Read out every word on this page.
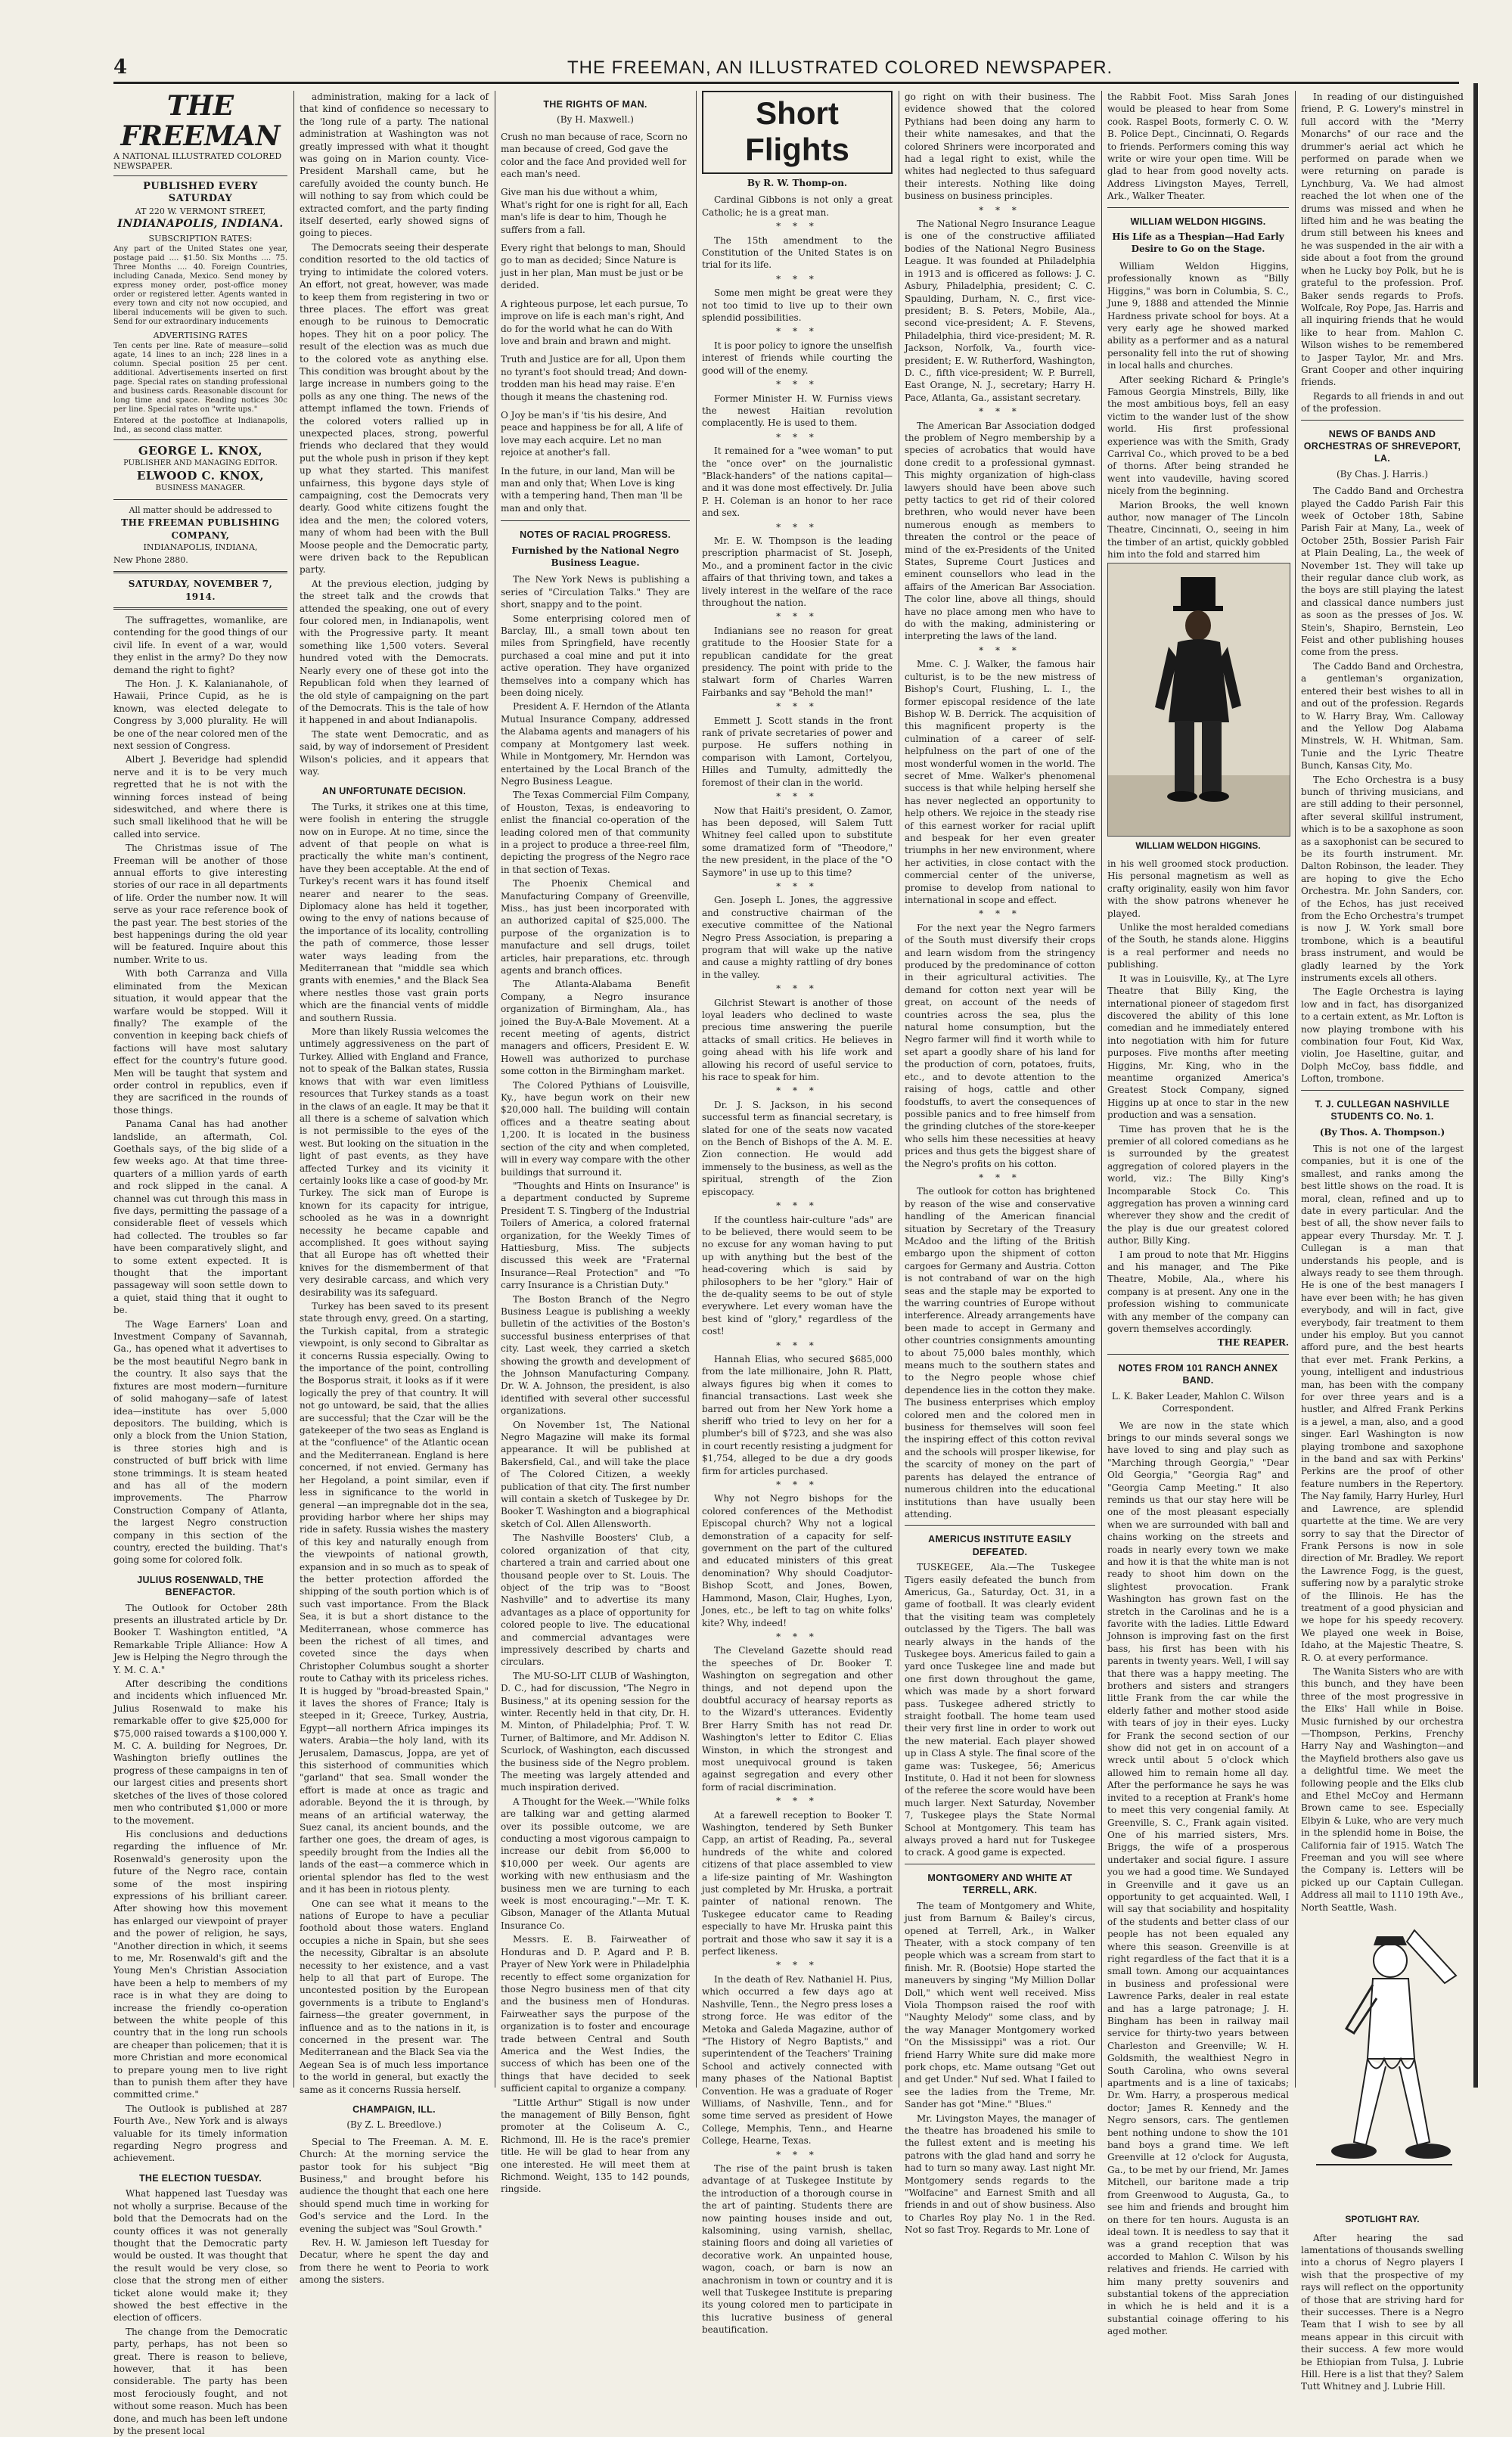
4	THE FREEMAN, AN ILLUSTRATED COLORED NEWSPAPER.
THE FREEMAN
A NATIONAL ILLUSTRATED COLORED NEWSPAPER.
PUBLISHED EVERY SATURDAY
AT 220 W. VERMONT STREET,
INDIANAPOLIS, INDIANA.
SUBSCRIPTION RATES:
Any part of the United States one year, postage paid .... $1.50. Six Months .... 75. Three Months .... 40. Foreign Countries, including Canada, Mexico. Send money by express money order, post-office money order or registered letter. Agents wanted in every town and city not now occupied, and liberal inducements will be given to such. Send for our extraordinary inducements
ADVERTISING RATES
Ten cents per line. Rate of measure—solid agate, 14 lines to an inch; 228 lines in a column. Special position 25 per cent. additional. Advertisements inserted on first page. Special rates on standing professional and business cards. Reasonable discount for long time and space. Reading notices 30c per line. Special rates on "write ups."
Entered at the postoffice at Indianapolis, Ind., as second class matter.
GEORGE L. KNOX,
PUBLISHER AND MANAGING EDITOR.
ELWOOD C. KNOX,
BUSINESS MANAGER.
All matter should be addressed to
THE FREEMAN PUBLISHING COMPANY,
INDIANAPOLIS, INDIANA,
New Phone 2880.
SATURDAY, NOVEMBER 7, 1914.

The suffragettes, womanlike, are contending for the good things of our civil life. In event of a war, would they enlist in the army? Do they now demand the right to fight?

The Hon. J. K. Kalanianahole, of Hawaii, Prince Cupid, as he is known, was elected delegate to Congress by 3,000 plurality. He will be one of the near colored men of the next session of Congress.

Albert J. Beveridge had splendid nerve and it is to be very much regretted that he is not with the winning forces instead of being sideswitched, and where there is such small likelihood that he will be called into service.

The Christmas issue of The Freeman will be another of those annual efforts to give interesting stories of our race in all departments of life. Order the number now. It will serve as your race reference book of the past year. The best stories of the best happenings during the old year will be featured. Inquire about this number. Write to us.

With both Carranza and Villa eliminated from the Mexican situation, it would appear that the warfare would be stopped. Will it finally? The example of the convention in keeping back chiefs of factions will have most salutary effect for the country's future good. Men will be taught that system and order control in republics, even if they are sacrificed in the rounds of those things.

Panama Canal has had another landslide, an aftermath, Col. Goethals says, of the big slide of a few weeks ago. At that time three-quarters of a million yards of earth and rock slipped in the canal. A channel was cut through this mass in five days, permitting the passage of a considerable fleet of vessels which had collected. The troubles so far have been comparatively slight, and to some extent expected. It is thought that the important passageway will soon settle down to a quiet, staid thing that it ought to be.

The Wage Earners' Loan and Investment Company of Savannah, Ga., has opened what it advertises to be the most beautiful Negro bank in the country. It also says that the fixtures are most modern—furniture of solid mahogany—safe of latest idea—institute has over 5,000 depositors. The building, which is only a block from the Union Station, is three stories high and is constructed of buff brick with lime stone trimmings. It is steam heated and has all of the modern improvements. The Pharrow Construction Company of Atlanta, the largest Negro construction company in this section of the country, erected the building. That's going some for colored folk.

JULIUS ROSENWALD, THE BENEFACTOR.

The Outlook for October 28th presents an illustrated article by Dr. Booker T. Washington entitled, "A Remarkable Triple Alliance: How A Jew is Helping the Negro through the Y. M. C. A."

After describing the conditions and incidents which influenced Mr. Julius Rosenwald to make his remarkable offer to give $25,000 for $75,000 raised towards a $100,000 Y. M. C. A. building for Negroes, Dr. Washington briefly outlines the progress of these campaigns in ten of our largest cities and presents short sketches of the lives of those colored men who contributed $1,000 or more to the movement.

His conclusions and deductions regarding the influence of Mr. Rosenwald's generosity upon the future of the Negro race, contain some of the most inspiring expressions of his brilliant career. After showing how this movement has enlarged our viewpoint of prayer and the power of religion, he says, "Another direction in which, it seems to me, Mr. Rosenwald's gift and the Young Men's Christian Association have been a help to members of my race is in what they are doing to increase the friendly co-operation between the white people of this country that in the long run schools are cheaper than policemen; that it is more Christian and more economical to prepare young men to live right than to punish them after they have committed crime."

The Outlook is published at 287 Fourth Ave., New York and is always valuable for its timely information regarding Negro progress and achievement.

THE ELECTION TUESDAY.

What happened last Tuesday was not wholly a surprise. Because of the bold that the Democrats had on the county offices it was not generally thought that the Democratic party would be ousted. It was thought that the result would be very close, so close that the strong men of either ticket alone would make it; they showed the best effective in the election of officers.

The change from the Democratic party, perhaps, has not been so great. There is reason to believe, however, that it has been considerable. The party has been most ferociously fought, and not without some reason. Much has been done, and much has been left undone by the present local

administration, making for a lack of that kind of confidence so necessary to the 'long rule of a party. The national administration at Washington was not greatly impressed with what it thought was going on in Marion county. Vice-President Marshall came, but he carefully avoided the county bunch. He will nothing to say from which could be extracted comfort, and the party finding itself deserted, early showed signs of going to pieces.

The Democrats seeing their desperate condition resorted to the old tactics of trying to intimidate the colored voters. An effort, not great, however, was made to keep them from registering in two or three places. The effort was great enough to be ruinous to Democratic hopes. They hit on a poor policy. The result of the election was as much due to the colored vote as anything else. This condition was brought about by the large increase in numbers going to the polls as any one thing. The news of the attempt inflamed the town. Friends of the colored voters rallied up in unexpected places, strong, powerful friends who declared that they would put the whole push in prison if they kept up what they started. This manifest unfairness, this bygone days style of campaigning, cost the Democrats very dearly. Good white citizens fought the idea and the men; the colored voters, many of whom had been with the Bull Moose people and the Democratic party, were driven back to the Republican party.

At the previous election, judging by the street talk and the crowds that attended the speaking, one out of every four colored men, in Indianapolis, went with the Progressive party. It meant something like 1,500 voters. Several hundred voted with the Democrats. Nearly every one of these got into the Republican fold when they learned of the old style of campaigning on the part of the Democrats. This is the tale of how it happened in and about Indianapolis.

The state went Democratic, and as said, by way of indorsement of President Wilson's policies, and it appears that way.

AN UNFORTUNATE DECISION.

The Turks, it strikes one at this time, were foolish in entering the struggle now on in Europe. At no time, since the advent of that people on what is practically the white man's continent, have they been acceptable. At the end of Turkey's recent wars it has found itself nearer and nearer to the seas. Diplomacy alone has held it together, owing to the envy of nations because of the importance of its locality, controlling the path of commerce, those lesser water ways leading from the Mediterranean that "middle sea which grants with enemies," and the Black Sea where nestles those vast grain ports which are the financial vents of middle and southern Russia.

More than likely Russia welcomes the untimely aggressiveness on the part of Turkey. Allied with England and France, not to speak of the Balkan states, Russia knows that with war even limitless resources that Turkey stands as a toast in the claws of an eagle. It may be that it all there is a scheme of salvation which is not permissible to the eyes of the west. But looking on the situation in the light of past events, as they have affected Turkey and its vicinity it certainly looks like a case of good-by Mr. Turkey. The sick man of Europe is known for its capacity for intrigue, schooled as he was in a downright necessity he became capable and accomplished. It goes without saying that all Europe has oft whetted their knives for the dismemberment of that very desirable carcass, and which very desirability was its safeguard.

Turkey has been saved to its present state through envy, greed. On a starting, the Turkish capital, from a strategic viewpoint, is only second to Gibraltar as it concerns Russia especially. Owing to the importance of the point, controlling the Bosporus strait, it looks as if it were logically the prey of that country. It will not go untoward, be said, that the allies are successful; that the Czar will be the gatekeeper of the two seas as England is at the "confluence" of the Atlantic ocean and the Mediterranean. England is here concerned, if not envied. Germany has her Hegoland, a point similar, even if less in significance to the world in general —an impregnable dot in the sea, providing harbor where her ships may ride in safety. Russia wishes the mastery of this key and naturally enough from the viewpoints of national growth, expansion and in so much as to speak of the better protection afforded the shipping of the south portion which is of such vast importance. From the Black Sea, it is but a short distance to the Mediterranean, whose commerce has been the richest of all times, and coveted since the days when Christopher Columbus sought a shorter route to Cathay with its priceless riches. It is hugged by "broad-breasted Spain," it laves the shores of France; Italy is steeped in it; Greece, Turkey, Austria, Egypt—all northern Africa impinges its waters. Arabia—the holy land, with its Jerusalem, Damascus, Joppa, are yet of this sisterhood of communities which "garland" that sea. Small wonder the effort is made at once as tragic and adorable. Beyond the it is through, by means of an artificial waterway, the Suez canal, its ancient bounds, and the farther one goes, the dream of ages, is speedily brought from the Indies all the lands of the east—a commerce which in oriental splendor has fled to the west and it has been in riotous plenty.

One can see what it means to the nations of Europe to have a peculiar foothold about those waters. England occupies a niche in Spain, but she sees the necessity, Gibraltar is an absolute necessity to her existence, and a vast help to all that part of Europe. The uncontested position by the European governments is a tribute to England's fairness—the greater government, in influence and as to the nations in it, is concerned in the present war. The Mediterranean and the Black Sea via the Aegean Sea is of much less importance to the world in general, but exactly the same as it concerns Russia herself.

CHAMPAIGN, ILL.
(By Z. L. Breedlove.)

Special to The Freeman. A. M. E. Church: At the morning service the pastor took for his subject "Big Business," and brought before his audience the thought that each one here should spend much time in working for God's service and the Lord. In the evening the subject was "Soul Growth."

Rev. H. W. Jamieson left Tuesday for Decatur, where he spent the day and from there he went to Peoria to work among the sisters.

THE RIGHTS OF MAN.
(By H. Maxwell.)

Crush no man because of race, Scorn no man because of creed, God gave the color and the face And provided well for each man's need.

Give man his due without a whim, What's right for one is right for all, Each man's life is dear to him, Though he suffers from a fall.

Every right that belongs to man, Should go to man as decided; Since Nature is just in her plan, Man must be just or be derided.

A righteous purpose, let each pursue, To improve on life is each man's right, And do for the world what he can do With love and brain and brawn and might.

Truth and Justice are for all, Upon them no tyrant's foot should tread; And down-trodden man his head may raise. E'en though it means the chastening rod.

O Joy be man's if 'tis his desire, And peace and happiness be for all, A life of love may each acquire. Let no man rejoice at another's fall.

In the future, in our land, Man will be man and only that; When Love is king with a tempering hand, Then man 'll be man and only that.

NOTES OF RACIAL PROGRESS.
Furnished by the National Negro Business League.

The New York News is publishing a series of "Circulation Talks." They are short, snappy and to the point.

Some enterprising colored men of Barclay, Ill., a small town about ten miles from Springfield, have recently purchased a coal mine and put it into active operation. They have organized themselves into a company which has been doing nicely.

President A. F. Herndon of the Atlanta Mutual Insurance Company, addressed the Alabama agents and managers of his company at Montgomery last week. While in Montgomery, Mr. Herndon was entertained by the Local Branch of the Negro Business League.

The Texas Commercial Film Company, of Houston, Texas, is endeavoring to enlist the financial co-operation of the leading colored men of that community in a project to produce a three-reel film, depicting the progress of the Negro race in that section of Texas.

The Phoenix Chemical and Manufacturing Company of Greenville, Miss., has just been incorporated with an authorized capital of $25,000. The purpose of the organization is to manufacture and sell drugs, toilet articles, hair preparations, etc. through agents and branch offices.

The Atlanta-Alabama Benefit Company, a Negro insurance organization of Birmingham, Ala., has joined the Buy-A-Bale Movement. At a recent meeting of agents, district managers and officers, President E. W. Howell was authorized to purchase some cotton in the Birmingham market.

The Colored Pythians of Louisville, Ky., have begun work on their new $20,000 hall. The building will contain offices and a theatre seating about 1,200. It is located in the business section of the city and when completed, will in every way compare with the other buildings that surround it.

"Thoughts and Hints on Insurance" is a department conducted by Supreme President T. S. Tingberg of the Industrial Toilers of America, a colored fraternal organization, for the Weekly Times of Hattiesburg, Miss. The subjects discussed this week are "Fraternal Insurance—Real Protection" and "To carry Insurance is a Christian Duty."

The Boston Branch of the Negro Business League is publishing a weekly bulletin of the activities of the Boston's successful business enterprises of that city. Last week, they carried a sketch showing the growth and development of the Johnson Manufacturing Company. Dr. W. A. Johnson, the president, is also identified with several other successful organizations.

On November 1st, The National Negro Magazine will make its formal appearance. It will be published at Bakersfield, Cal., and will take the place of The Colored Citizen, a weekly publication of that city. The first number will contain a sketch of Tuskegee by Dr. Booker T. Washington and a biographical sketch of Col. Allen Allensworth.

The Nashville Boosters' Club, a colored organization of that city, chartered a train and carried about one thousand people over to St. Louis. The object of the trip was to "Boost Nashville" and to advertise its many advantages as a place of opportunity for colored people to live. The educational and commercial advantages were impressively described by charts and circulars.

The MU-SO-LIT CLUB of Washington, D. C., had for discussion, "The Negro in Business," at its opening session for the winter. Recently held in that city, Dr. H. M. Minton, of Philadelphia; Prof. T. W. Turner, of Baltimore, and Mr. Addison N. Scurlock, of Washington, each discussed the business side of the Negro problem. The meeting was largely attended and much inspiration derived.

A Thought for the Week.—"While folks are talking war and getting alarmed over its possible outcome, we are conducting a most vigorous campaign to increase our debit from $6,000 to $10,000 per week. Our agents are working with new enthusiasm and the business men we are turning to each week is most encouraging."—Mr. T. K. Gibson, Manager of the Atlanta Mutual Insurance Co.

Messrs. E. B. Fairweather of Honduras and D. P. Agard and P. B. Prayer of New York were in Philadelphia recently to effect some organization for those Negro business men of that city and the business men of Honduras. Fairweather says the purpose of the organization is to foster and encourage trade between Central and South America and the West Indies, the success of which has been one of the things that have decided to seek sufficient capital to organize a company.

"Little Arthur" Stigall is now under the management of Billy Benson, fight promoter at the Coliseum A. C., Richmond, Ill. He is the race's premier title. He will be glad to hear from any one interested. He will meet them at Richmond. Weight, 135 to 142 pounds, ringside.

Short Flights
By R. W. Thomp-on.

Cardinal Gibbons is not only a great Catholic; he is a great man.

* * *

The 15th amendment to the Constitution of the United States is on trial for its life.

* * *

Some men might be great were they not too timid to live up to their own splendid possibilities.

* * *

It is poor policy to ignore the unselfish interest of friends while courting the good will of the enemy.

* * *

Former Minister H. W. Furniss views the newest Haitian revolution complacently. He is used to them.

* * *

It remained for a "wee woman" to put the "once over" on the journalistic "Black-handers" of the nations capital—and it was done most effectively. Dr. Julia P. H. Coleman is an honor to her race and sex.

* * *

Mr. E. W. Thompson is the leading prescription pharmacist of St. Joseph, Mo., and a prominent factor in the civic affairs of that thriving town, and takes a lively interest in the welfare of the race throughout the nation.

* * *

Indianians see no reason for great gratitude to the Hoosier State for a republican candidate for the great presidency. The point with pride to the stalwart form of Charles Warren Fairbanks and say "Behold the man!"

* * *

Emmett J. Scott stands in the front rank of private secretaries of power and purpose. He suffers nothing in comparison with Lamont, Cortelyou, Hilles and Tumulty, admittedly the foremost of their clan in the world.

* * *

Now that Haiti's president, O. Zamor, has been deposed, will Salem Tutt Whitney feel called upon to substitute some dramatized form of "Theodore," the new president, in the place of the "O Saymore" in use up to this time?

* * *

Gen. Joseph L. Jones, the aggressive and constructive chairman of the executive committee of the National Negro Press Association, is preparing a program that will wake up the native and cause a mighty rattling of dry bones in the valley.

* * *

Gilchrist Stewart is another of those loyal leaders who declined to waste precious time answering the puerile attacks of small critics. He believes in going ahead with his life work and allowing his record of useful service to his race to speak for him.

* * *

Dr. J. S. Jackson, in his second successful term as financial secretary, is slated for one of the seats now vacated on the Bench of Bishops of the A. M. E. Zion connection. He would add immensely to the business, as well as the spiritual, strength of the Zion episcopacy.

* * *

If the countless hair-culture "ads" are to be believed, there would seem to be no excuse for any woman having to put up with anything but the best of the head-covering which is said by philosophers to be her "glory." Hair of the de-quality seems to be out of style everywhere. Let every woman have the best kind of "glory," regardless of the cost!

* * *

Hannah Elias, who secured $685,000 from the late millionaire, John R. Platt, always figures big when it comes to financial transactions. Last week she barred out from her New York home a sheriff who tried to levy on her for a plumber's bill of $723, and she was also in court recently resisting a judgment for $1,754, alleged to be due a dry goods firm for articles purchased.

* * *

Why not Negro bishops for the colored conferences of the Methodist Episcopal church? Why not a logical demonstration of a capacity for self-government on the part of the cultured and educated ministers of this great denomination? Why should Coadjutor-Bishop Scott, and Jones, Bowen, Hammond, Mason, Clair, Hughes, Lyon, Jones, etc., be left to tag on white folks' kite? Why, indeed!

* * *

The Cleveland Gazette should read the speeches of Dr. Booker T. Washington on segregation and other things, and not depend upon the doubtful accuracy of hearsay reports as to the Wizard's utterances. Evidently Brer Harry Smith has not read Dr. Washington's letter to Editor C. Elias Winston, in which the strongest and most unequivocal ground is taken against segregation and every other form of racial discrimination.

* * *

At a farewell reception to Booker T. Washington, tendered by Seth Bunker Capp, an artist of Reading, Pa., several hundreds of the white and colored citizens of that place assembled to view a life-size painting of Mr. Washington just completed by Mr. Hruska, a portrait painter of national renown. The Tuskegee educator came to Reading especially to have Mr. Hruska paint this portrait and those who saw it say it is a perfect likeness.

* * *

In the death of Rev. Nathaniel H. Pius, which occurred a few days ago at Nashville, Tenn., the Negro press loses a strong force. He was editor of the Metoka and Galeda Magazine, author of "The History of Negro Baptists," and superintendent of the Teachers' Training School and actively connected with many phases of the National Baptist Convention. He was a graduate of Roger Williams, of Nashville, Tenn., and for some time served as president of Howe College, Memphis, Tenn., and Hearne College, Hearne, Texas.

* * *

The rise of the paint brush is taken advantage of at Tuskegee Institute by the introduction of a thorough course in the art of painting. Students there are now painting houses inside and out, kalsomining, using varnish, shellac, staining floors and doing all varieties of decorative work. An unpainted house, wagon, coach, or barn is now an anachronism in town or country and it is well that Tuskegee Institute is preparing its young colored men to participate in this lucrative business of general beautification.

go right on with their business. The evidence showed that the colored Pythians had been doing any harm to their white namesakes, and that the colored Shriners were incorporated and had a legal right to exist, while the whites had neglected to thus safeguard their interests. Nothing like doing business on business principles.

* * *

The National Negro Insurance League is one of the constructive affiliated bodies of the National Negro Business League. It was founded at Philadelphia in 1913 and is officered as follows: J. C. Asbury, Philadelphia, president; C. C. Spaulding, Durham, N. C., first vice-president; B. S. Peters, Mobile, Ala., second vice-president; A. F. Stevens, Philadelphia, third vice-president; M. R. Jackson, Norfolk, Va., fourth vice-president; E. W. Rutherford, Washington, D. C., fifth vice-president; W. P. Burrell, East Orange, N. J., secretary; Harry H. Pace, Atlanta, Ga., assistant secretary.

* * *

The American Bar Association dodged the problem of Negro membership by a species of acrobatics that would have done credit to a professional gymnast. This mighty organization of high-class lawyers should have been above such petty tactics to get rid of their colored brethren, who would never have been numerous enough as members to threaten the control or the peace of mind of the ex-Presidents of the United States, Supreme Court Justices and eminent counsellors who lead in the affairs of the American Bar Association. The color line, above all things, should have no place among men who have to do with the making, administering or interpreting the laws of the land.

* * *

Mme. C. J. Walker, the famous hair culturist, is to be the new mistress of Bishop's Court, Flushing, L. I., the former episcopal residence of the late Bishop W. B. Derrick. The acquisition of this magnificent property is the culmination of a career of self-helpfulness on the part of one of the most wonderful women in the world. The secret of Mme. Walker's phenomenal success is that while helping herself she has never neglected an opportunity to help others. We rejoice in the steady rise of this earnest worker for racial uplift and bespeak for her even greater triumphs in her new environment, where her activities, in close contact with the commercial center of the universe, promise to develop from national to international in scope and effect.

* * *

For the next year the Negro farmers of the South must diversify their crops and learn wisdom from the stringency produced by the predominance of cotton in their agricultural activities. The demand for cotton next year will be great, on account of the needs of countries across the sea, plus the natural home consumption, but the Negro farmer will find it worth while to set apart a goodly share of his land for the production of corn, potatoes, fruits, etc., and to devote attention to the raising of hogs, cattle and other foodstuffs, to avert the consequences of possible panics and to free himself from the grinding clutches of the store-keeper who sells him these necessities at heavy prices and thus gets the biggest share of the Negro's profits on his cotton.

* * *

The outlook for cotton has brightened by reason of the wise and conservative handling of the American financial situation by Secretary of the Treasury McAdoo and the lifting of the British embargo upon the shipment of cotton cargoes for Germany and Austria. Cotton is not contraband of war on the high seas and the staple may be exported to the warring countries of Europe without interference. Already arrangements have been made to accept in Germany and other countries consignments amounting to about 75,000 bales monthly, which means much to the southern states and to the Negro people whose chief dependence lies in the cotton they make. The business enterprises which employ colored men and the colored men in business for themselves will soon feel the inspiring effect of this cotton revival and the schools will prosper likewise, for the scarcity of money on the part of parents has delayed the entrance of numerous children into the educational institutions than have usually been attending.

AMERICUS INSTITUTE EASILY DEFEATED.

TUSKEGEE, Ala.—The Tuskegee Tigers easily defeated the bunch from Americus, Ga., Saturday, Oct. 31, in a game of football. It was clearly evident that the visiting team was completely outclassed by the Tigers. The ball was nearly always in the hands of the Tuskegee boys. Americus failed to gain a yard once Tuskegee line and made but one first down throughout the game, which was made by a short forward pass. Tuskegee adhered strictly to straight football. The home team used their very first line in order to work out the new material. Each player showed up in Class A style. The final score of the game was: Tuskegee, 56; Americus Institute, 0. Had it not been for slowness of the referee the score would have been much larger. Next Saturday, November 7, Tuskegee plays the State Normal School at Montgomery. This team has always proved a hard nut for Tuskegee to crack. A good game is expected.

MONTGOMERY AND WHITE AT TERRELL, ARK.

The team of Montgomery and White, just from Barnum & Bailey's circus, opened at Terrell, Ark., in Walker Theater, with a stock company of ten people which was a scream from start to finish. Mr. R. (Bootsie) Hope started the maneuvers by singing "My Million Dollar Doll," which went well received. Miss Viola Thompson raised the roof with "Naughty Melody" some class, and by the way Manager Montgomery worked "On the Mississippi" was a riot. Our friend Harry White sure did make more pork chops, etc. Mame outsang "Get out and get Under." Nuf sed. What I failed to see the ladies from the Treme, Mr. Sander has got "Mine." "Blues."

Mr. Livingston Mayes, the manager of the theatre has broadened his smile to the fullest extent and is meeting his patrons with the glad hand and sorry he had to turn so many away. Last night Mr. Montgomery sends regards to the "Wolfacine" and Earnest Smith and all friends in and out of show business. Also to Charles Roy play No. 1 in the Red. Not so fast Troy. Regards to Mr. Lone of

the Rabbit Foot. Miss Sarah Jones would be pleased to hear from Some cook. Raspel Boots, formerly C. O. W. B. Police Dept., Cincinnati, O. Regards to friends. Performers coming this way write or wire your open time. Will be glad to hear from good novelty acts. Address Livingston Mayes, Terrell, Ark., Walker Theater.

WILLIAM WELDON HIGGINS.
His Life as a Thespian—Had Early Desire to Go on the Stage.

William Weldon Higgins, professionally known as "Billy Higgins," was born in Columbia, S. C., June 9, 1888 and attended the Minnie Hardness private school for boys. At a very early age he showed marked ability as a performer and as a natural personality fell into the rut of showing in local halls and churches.

After seeking Richard & Pringle's Famous Georgia Minstrels, Billy, like the most ambitious boys, fell an easy victim to the wander lust of the show world. His first professional experience was with the Smith, Grady Carrival Co., which proved to be a bed of thorns. After being stranded he went into vaudeville, having scored nicely from the beginning.

Marion Brooks, the well known author, now manager of The Lincoln Theatre, Cincinnati, O., seeing in him the timber of an artist, quickly gobbled him into the fold and starred him

WILLIAM WELDON HIGGINS.

in his well groomed stock production. His personal magnetism as well as crafty originality, easily won him favor with the show patrons whenever he played.

Unlike the most heralded comedians of the South, he stands alone. Higgins is a real performer and needs no publishing.

It was in Louisville, Ky., at The Lyre Theatre that Billy King, the international pioneer of stagedom first discovered the ability of this lone comedian and he immediately entered into negotiation with him for future purposes. Five months after meeting Higgins, Mr. King, who in the meantime organized America's Greatest Stock Company, signed Higgins up at once to star in the new production and was a sensation.

Time has proven that he is the premier of all colored comedians as he is surrounded by the greatest aggregation of colored players in the world, viz.: The Billy King's Incomparable Stock Co. This aggregation has proven a winning card wherever they show and the credit of the play is due our greatest colored author, Billy King.

I am proud to note that Mr. Higgins and his manager, and The Pike Theatre, Mobile, Ala., where his company is at present. Any one in the profession wishing to communicate with any member of the company can govern themselves accordingly.

THE REAPER.
NOTES FROM 101 RANCH ANNEX BAND.
L. K. Baker Leader, Mahlon C. Wilson Correspondent.

We are now in the state which brings to our minds several songs we have loved to sing and play such as "Marching through Georgia," "Dear Old Georgia," "Georgia Rag" and "Georgia Camp Meeting." It also reminds us that our stay here will be one of the most pleasant especially when we are surrounded with ball and chains working on the streets and roads in nearly every town we make and how it is that the white man is not ready to shoot him down on the slightest provocation. Frank Washington has grown fast on the stretch in the Carolinas and he is a favorite with the ladies. Little Edward Johnson is improving fast on the first bass, his first has been with his parents in twenty years. Well, I will say that there was a happy meeting. The brothers and sisters and strangers little Frank from the car while the elderly father and mother stood aside with tears of joy in their eyes. Lucky for Frank the second section of our show did not get in on account of a wreck until about 5 o'clock which allowed him to remain home all day. After the performance he says he was invited to a reception at Frank's home to meet this very congenial family. At Greenville, S. C., Frank again visited. One of his married sisters, Mrs. Briggs, the wife of a prosperous undertaker and social figure. I assure you we had a good time. We Sundayed in Greenville and it gave us an opportunity to get acquainted. Well, I will say that sociability and hospitality of the students and better class of our people has not been equaled any where this season. Greenville is at right regardless of the fact that it is a small town. Among our acquaintances in business and professional were Lawrence Parks, dealer in real estate and has a large patronage; J. H. Bingham has been in railway mail service for thirty-two years between Charleston and Greenville; W. H. Goldsmith, the wealthiest Negro in South Carolina, who owns several apartments and is a line of taxicabs; Dr. Wm. Harry, a prosperous medical doctor; James R. Kennedy and the Negro sensors, cars. The gentlemen bent nothing undone to show the 101 band boys a grand time. We left Greenville at 12 o'clock for Augusta, Ga., to be met by our friend, Mr. James Mitchell, our baritone made a trip from Greenwood to Augusta, Ga., to see him and friends and brought him on there for ten hours. Augusta is an ideal town. It is needless to say that it was a grand reception that was accorded to Mahlon C. Wilson by his relatives and friends. He carried with him many pretty souvenirs and substantial tokens of the appreciation in which he is held and it is a substantial coinage offering to his aged mother.

In reading of our distinguished friend, P. G. Lowery's minstrel in full accord with the "Merry Monarchs" of our race and the drummer's aerial act which he performed on parade when we were returning on parade is Lynchburg, Va. We had almost reached the lot when one of the drums was missed and when he lifted him and he was beating the drum still between his knees and he was suspended in the air with a side about a foot from the ground when he Lucky boy Polk, but he is grateful to the profession. Prof. Baker sends regards to Profs. Wolfcale, Roy Pope, Jas. Harris and all inquiring friends that he would like to hear from. Mahlon C. Wilson wishes to be remembered to Jasper Taylor, Mr. and Mrs. Grant Cooper and other inquiring friends.

Regards to all friends in and out of the profession.

NEWS OF BANDS AND ORCHESTRAS OF SHREVEPORT, LA.
(By Chas. J. Harris.)

The Caddo Band and Orchestra played the Caddo Parish Fair this week of October 18th, Sabine Parish Fair at Many, La., week of October 25th, Bossier Parish Fair at Plain Dealing, La., the week of November 1st. They will take up their regular dance club work, as the boys are still playing the latest and classical dance numbers just as soon as the presses of Jos. W. Stein's, Shapiro, Bernstein, Leo Feist and other publishing houses come from the press.

The Caddo Band and Orchestra, a gentleman's organization, entered their best wishes to all in and out of the profession. Regards to W. Harry Bray, Wm. Calloway and the Yellow Dog Alabama Minstrels, W. H. Whitman, Sam. Tunie and the Lyric Theatre Bunch, Kansas City, Mo.

The Echo Orchestra is a busy bunch of thriving musicians, and are still adding to their personnel, after several skillful instrument, which is to be a saxophone as soon as a saxophonist can be secured to be its fourth instrument. Mr. Dalton Robinson, the leader. They are hoping to give the Echo Orchestra. Mr. John Sanders, cor. of the Echos, has just received from the Echo Orchestra's trumpet is now J. W. York small bore trombone, which is a beautiful brass instrument, and would be gladly learned by the York instruments excels all others.

The Eagle Orchestra is laying low and in fact, has disorganized to a certain extent, as Mr. Lofton is now playing trombone with his combination four Fout, Kid Wax, violin, Joe Haseltine, guitar, and Dolph McCoy, bass fiddle, and Lofton, trombone.

T. J. CULLEGAN NASHVILLE STUDENTS CO. No. 1.
(By Thos. A. Thompson.)

This is not one of the largest companies, but it is one of the smallest, and ranks among the best little shows on the road. It is moral, clean, refined and up to date in every particular. And the best of all, the show never fails to appear every Thursday. Mr. T. J. Cullegan is a man that understands his people, and is always ready to see them through. He is one of the best managers I have ever been with; he has given everybody, and will in fact, give everybody, fair treatment to them under his employ. But you cannot afford pure, and the best hearts that ever met. Frank Perkins, a young, intelligent and industrious man, has been with the company for over three years and is a hustler, and Alfred Frank Perkins is a jewel, a man, also, and a good singer. Earl Washington is now playing trombone and saxophone in the band and sax with Perkins' Perkins are the proof of other feature numbers in the Repertory. The Nay family, Harry Hurley, Hurl and Lawrence, are splendid quartette at the time. We are very sorry to say that the Director of Frank Persons is now in sole direction of Mr. Bradley. We report the Lawrence Fogg, is the guest, suffering now by a paralytic stroke of the Illinois. He has the treatment of a good physician and we hope for his speedy recovery. We played one week in Boise, Idaho, at the Majestic Theatre, S. R. O. at every performance.

The Wanita Sisters who are with this bunch, and they have been three of the most progressive in the Elks' Hall while in Boise. Music furnished by our orchestra—Thompson, Perkins, Frenchy Harry Nay and Washington—and the Mayfield brothers also gave us a delightful time. We meet the following people and the Elks club and Ethel McCoy and Hermann Brown came to see. Especially Elbyin & Luke, who are very much in the splendid home in Boise, the California fair of 1915. Watch The Freeman and you will see where the Company is. Letters will be picked up our Captain Cullegan. Address all mail to 1110 19th Ave., North Seattle, Wash.

SPOTLIGHT RAY.

After hearing the sad lamentations of thousands swelling into a chorus of Negro players I wish that the prospective of my rays will reflect on the opportunity of those that are striving hard for their successes. There is a Negro Team that I wish to see by all means appear in this circuit with their success. A few more would be Ethiopian from Tulsa, J. Lubrie Hill. Here is a list that they? Salem Tutt Whitney and J. Lubrie Hill.
